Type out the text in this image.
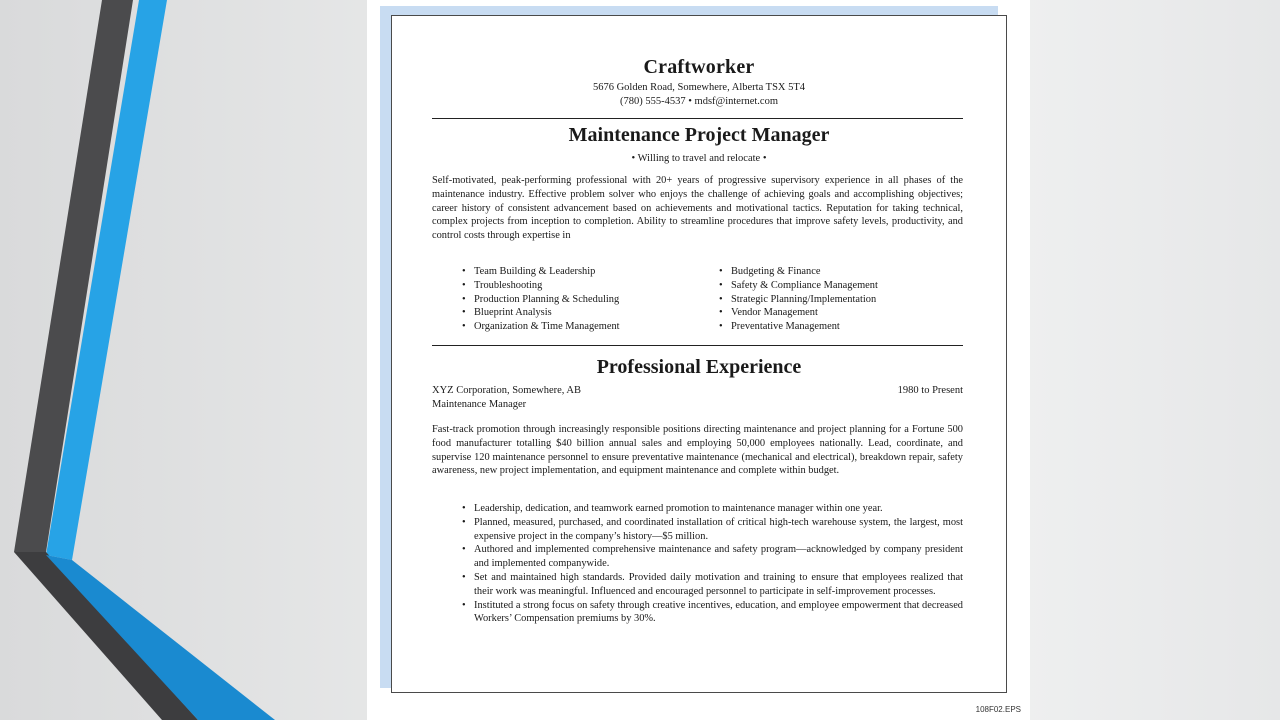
Craftworker
5676 Golden Road, Somewhere, Alberta TSX 5T4
(780) 555-4537 • mdsf@internet.com
Maintenance Project Manager
• Willing to travel and relocate •

Self-motivated, peak-performing professional with 20+ years of progressive supervisory experience in all phases of the maintenance industry. Effective problem solver who enjoys the challenge of achieving goals and accomplishing objectives; career history of consistent advancement based on achievements and motivational tactics. Reputation for taking technical, complex projects from inception to completion. Ability to streamline procedures that improve safety levels, productivity, and control costs through expertise in

• Team Building & Leadership
• Troubleshooting
• Production Planning & Scheduling
• Blueprint Analysis
• Organization & Time Management
• Budgeting & Finance
• Safety & Compliance Management
• Strategic Planning/Implementation
• Vendor Management
• Preventative Management
Professional Experience
XYZ Corporation, Somewhere, AB	1980 to Present
Maintenance Manager

Fast-track promotion through increasingly responsible positions directing maintenance and project planning for a Fortune 500 food manufacturer totalling $40 billion annual sales and employing 50,000 employees nationally. Lead, coordinate, and supervise 120 maintenance personnel to ensure preventative maintenance (mechanical and electrical), breakdown repair, safety awareness, new project implementation, and equipment maintenance and complete within budget.

• Leadership, dedication, and teamwork earned promotion to maintenance manager within one year.
• Planned, measured, purchased, and coordinated installation of critical high-tech warehouse system, the largest, most expensive project in the company’s history—$5 million.
• Authored and implemented comprehensive maintenance and safety program—acknowledged by company president and implemented companywide.
• Set and maintained high standards. Provided daily motivation and training to ensure that employees realized that their work was meaningful. Influenced and encouraged personnel to participate in self-improvement processes.
• Instituted a strong focus on safety through creative incentives, education, and employee empowerment that decreased Workers’ Compensation premiums by 30%.
108F02.EPS
